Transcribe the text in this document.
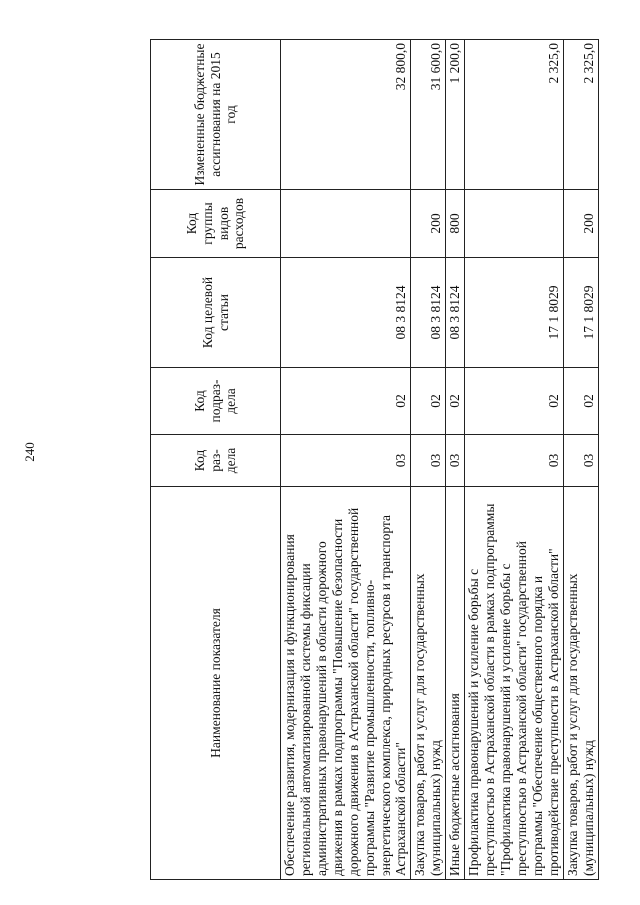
240
Наименование показателя	Код раз-дела	Код подраз-дела	Код целевой статьи	Код группы видов расходов	Измененные бюджетные ассигнования на 2015 год
Обеспечение развития, модернизация и функционирования региональной автоматизированной системы фиксации административных правонарушений в области дорожного движения в рамках подпрограммы "Повышение безопасности дорожного движения в Астраханской области" государственной программы "Развитие промышленности, топливно-энергетического комплекса, природных ресурсов и транспорта Астраханской области"	03	02	08 3 8124		32 800,0
Закупка товаров, работ и услуг для государственных (муниципальных) нужд	03	02	08 3 8124	200	31 600,0
Иные бюджетные ассигнования	03	02	08 3 8124	800	1 200,0
Профилактика правонарушений и усиление борьбы с преступностью в Астраханской области в рамках подпрограммы "Профилактика правонарушений и усиление борьбы с преступностью в Астраханской области" государственной программы "Обеспечение общественного порядка и противодействие преступности в Астраханской области"	03	02	17 1 8029		2 325,0
Закупка товаров, работ и услуг для государственных (муниципальных) нужд	03	02	17 1 8029	200	2 325,0
